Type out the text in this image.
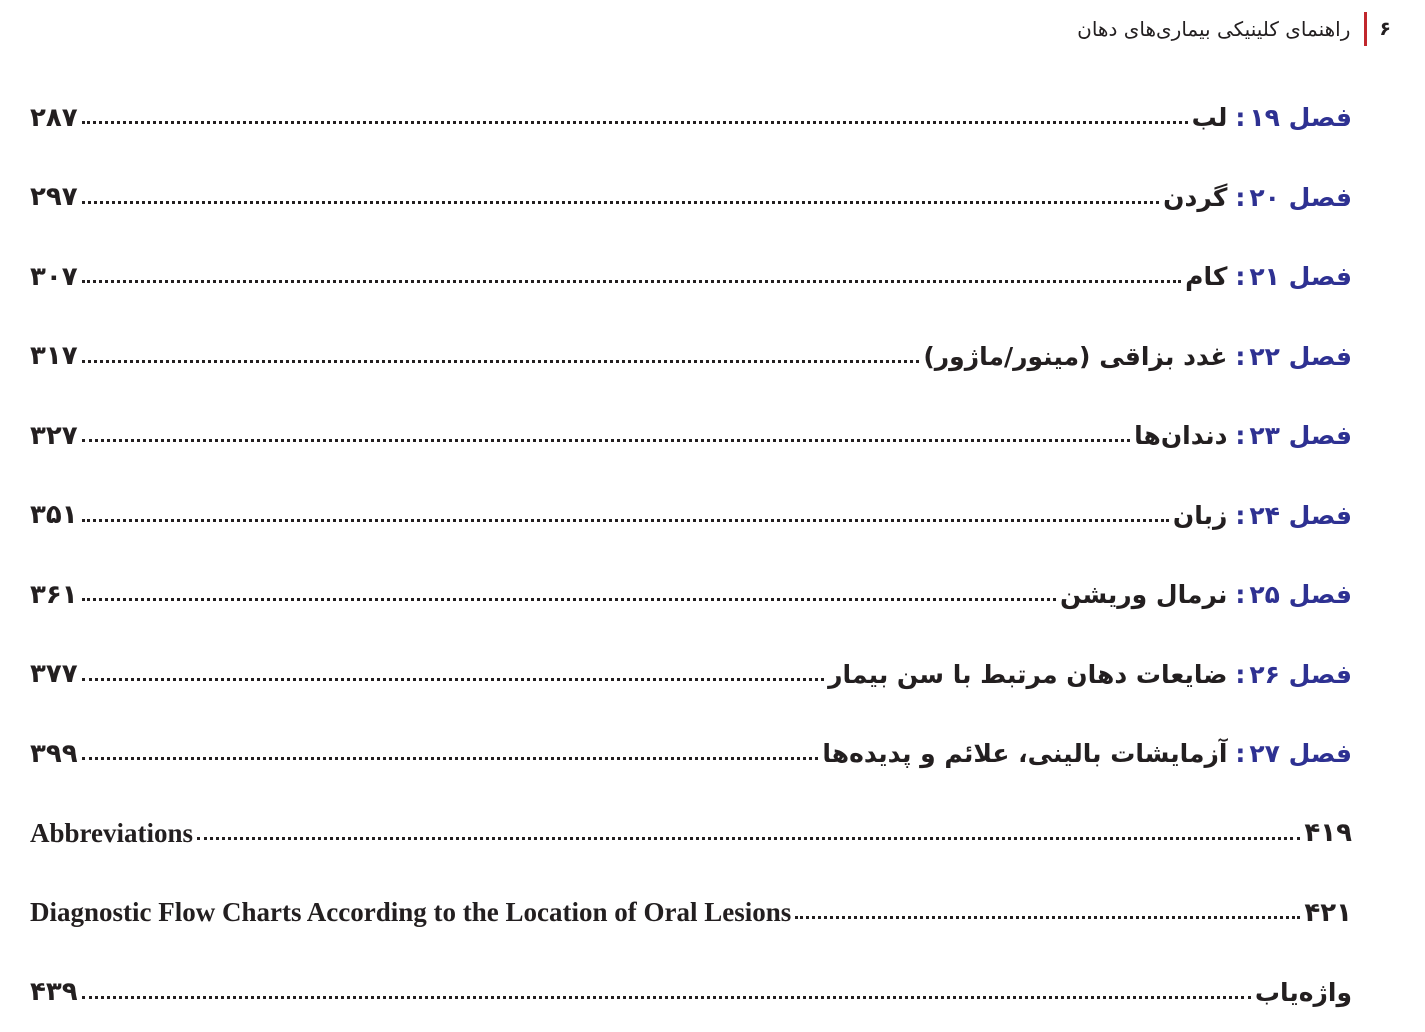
۶
راهنمای کلینیکی بیماری‌های دهان
فصل ۱۹:لب
۲۸۷
فصل ۲۰:گردن
۲۹۷
فصل ۲۱:کام
۳۰۷
فصل ۲۲:غدد بزاقی (مینور/ماژور)
۳۱۷
فصل ۲۳:دندان‌ها
۳۲۷
فصل ۲۴:زبان
۳۵۱
فصل ۲۵:نرمال وریشن
۳۶۱
فصل ۲۶:ضایعات دهان مرتبط با سن بیمار
۳۷۷
فصل ۲۷:آزمایشات بالینی، علائم و پدیده‌ها
۳۹۹
Abbreviations	۴۱۹
Diagnostic Flow Charts According to the Location of Oral Lesions	۴۲۱
واژه‌یاب
۴۳۹
